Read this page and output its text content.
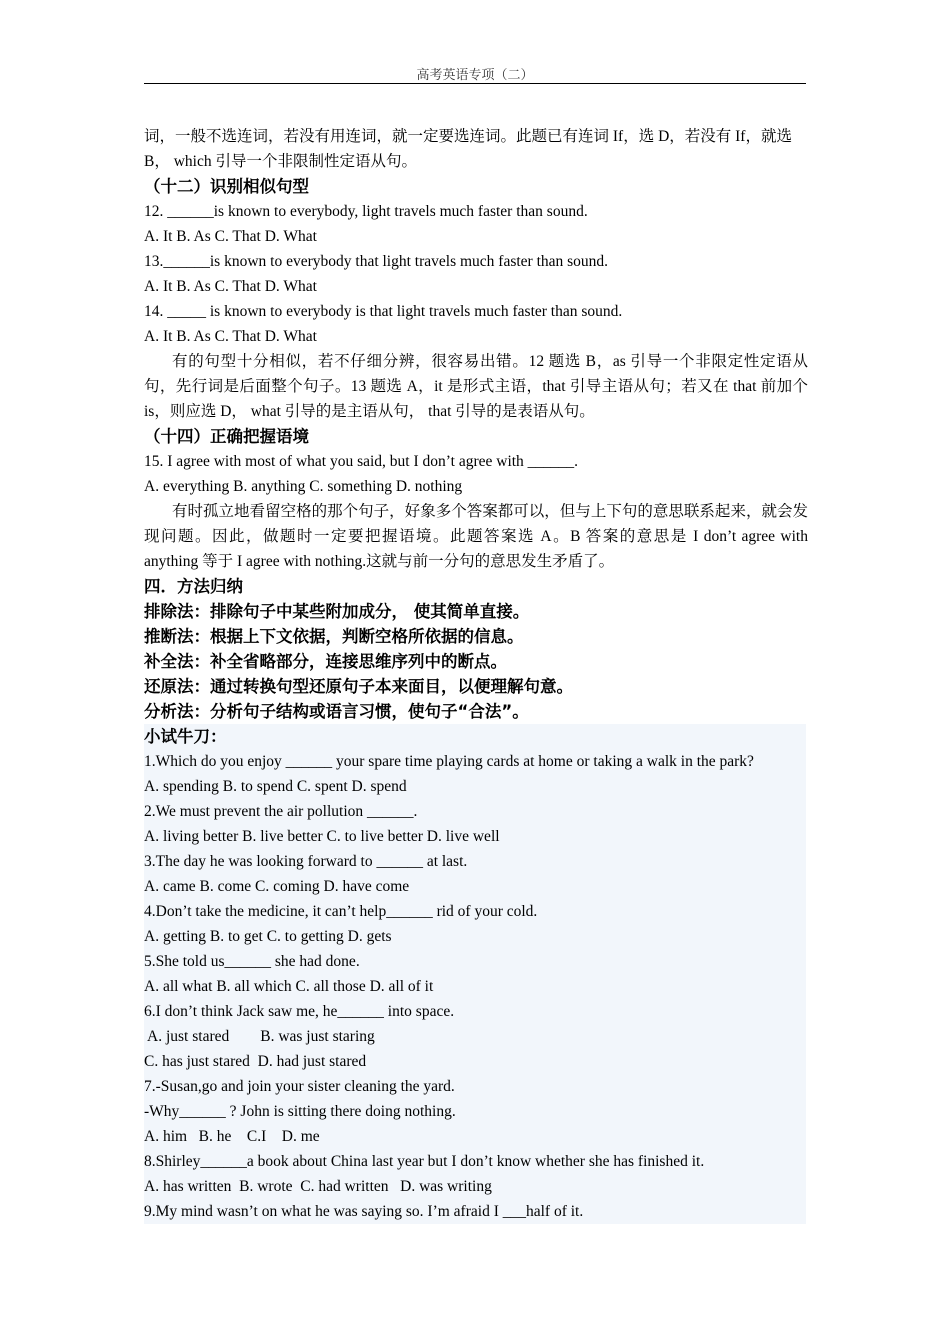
高考英语专项（二）
词，一般不选连词，若没有用连词，就一定要选连词。此题已有连词 If，选 D，若没有 If，就选
B， which 引导一个非限制性定语从句。
（十二）识别相似句型
12. ______is known to everybody, light travels much faster than sound.
A. It B. As C. That D. What
13.______is known to everybody that light travels much faster than sound.
A. It B. As C. That D. What
14. _____ is known to everybody is that light travels much faster than sound.
A. It B. As C. That D. What
有的句型十分相似，若不仔细分辨，很容易出错。12 题选 B，as 引导一个非限定性定语从句，先行词是后面整个句子。13 题选 A，it 是形式主语，that 引导主语从句；若又在 that 前加个 is，则应选 D， what 引导的是主语从句， that 引导的是表语从句。
（十四）正确把握语境
15. I agree with most of what you said, but I don’t agree with ______.
A. everything B. anything C. something D. nothing
有时孤立地看留空格的那个句子，好象多个答案都可以，但与上下句的意思联系起来，就会发现问题。因此，做题时一定要把握语境。此题答案选 A。B 答案的意思是 I don’t agree with anything 等于 I agree with nothing.这就与前一分句的意思发生矛盾了。
四．方法归纳
排除法：排除句子中某些附加成分， 使其简单直接。
推断法：根据上下文依据，判断空格所依据的信息。
补全法：补全省略部分，连接思维序列中的断点。
还原法：通过转换句型还原句子本来面目，以便理解句意。
分析法：分析句子结构或语言习惯，使句子“合法”。
小试牛刀：
1.Which do you enjoy ______ your spare time playing cards at home or taking a walk in the park?
A. spending B. to spend C. spent D. spend
2.We must prevent the air pollution ______.
A. living better B. live better C. to live better D. live well
3.The day he was looking forward to ______ at last.
A. came B. come C. coming D. have come
4.Don’t take the medicine, it can’t help______ rid of your cold.
A. getting B. to get C. to getting D. gets
5.She told us______ she had done.
A. all what B. all which C. all those D. all of it
6.I don’t think Jack saw me, he______ into space.
A. just stared        B. was just staring
C. has just stared  D. had just stared
7.-Susan,go and join your sister cleaning the yard.
-Why______ ? John is sitting there doing nothing.
A. him   B. he    C.I    D. me
8.Shirley______a book about China last year but I don’t know whether she has finished it.
A. has written  B. wrote  C. had written   D. was writing
9.My mind wasn’t on what he was saying so. I’m afraid I ___half of it.
